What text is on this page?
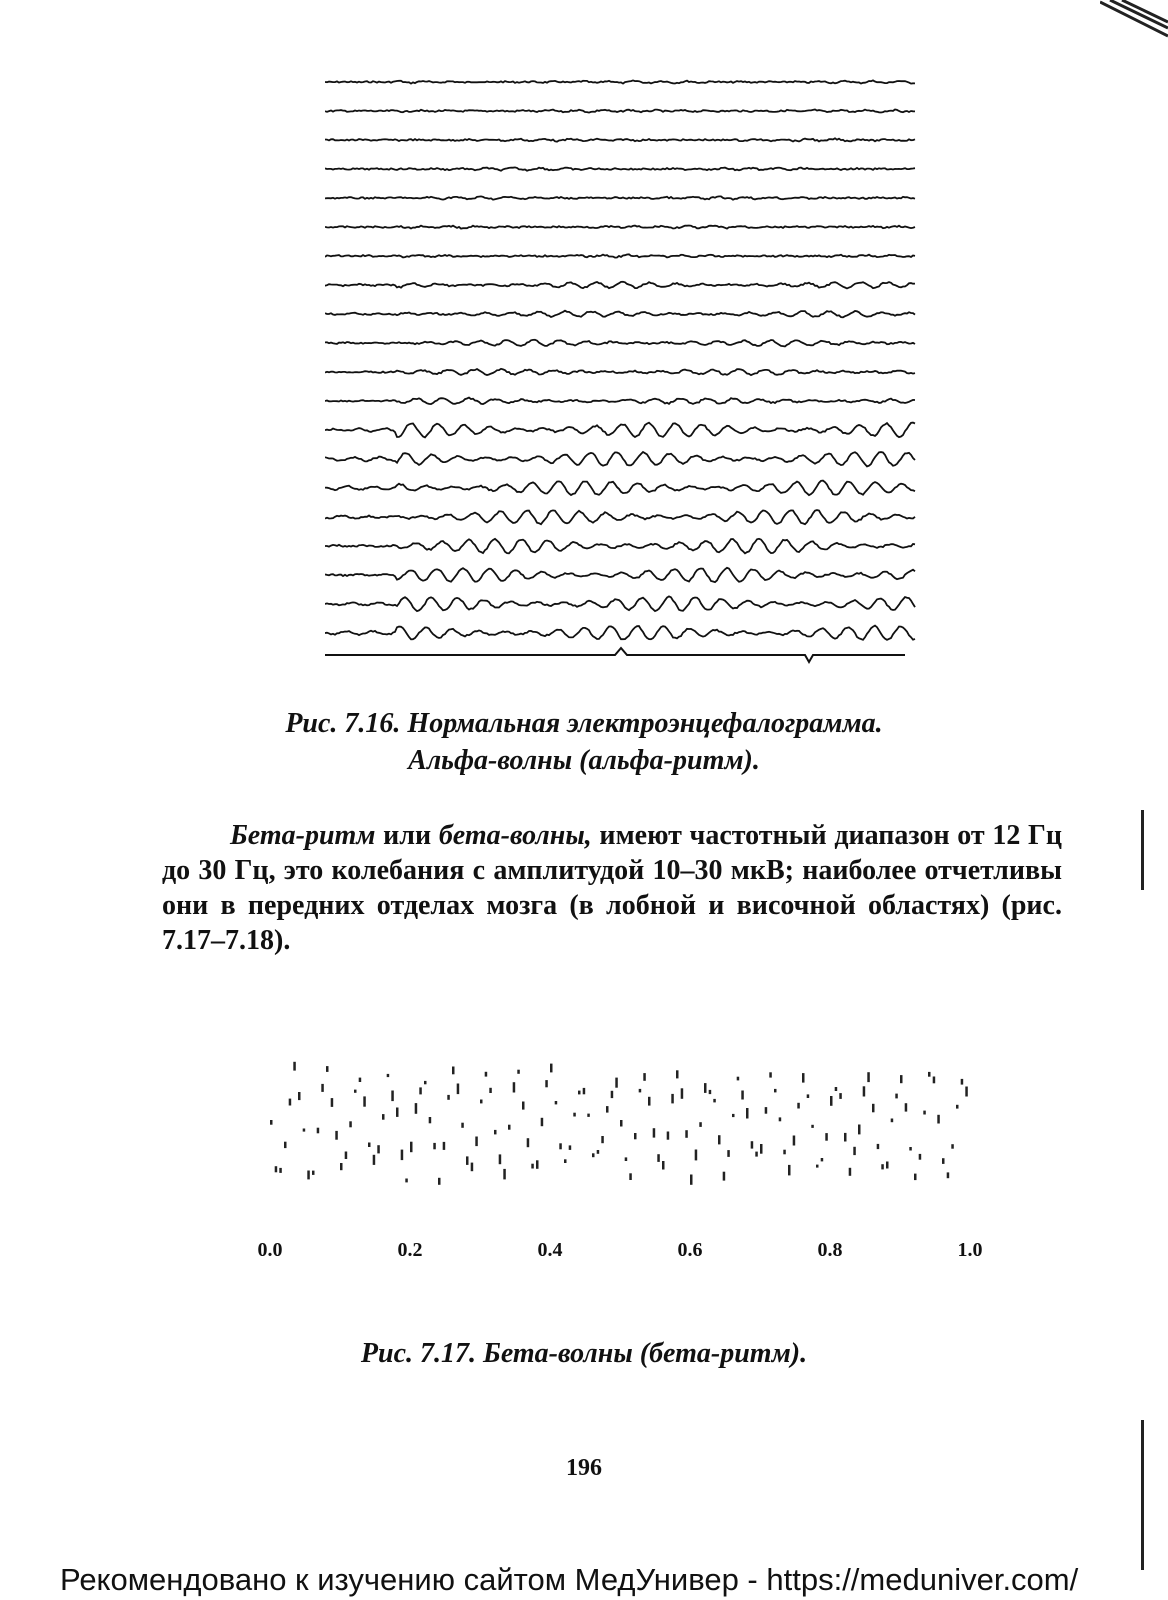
Рис. 7.16. Нормальная электроэнцефалограмма.
Альфа-волны (альфа-ритм).
Бета-ритм или бета-волны, имеют частотный диапазон от 12 Гц до 30 Гц, это колебания с амплитудой 10–30 мкВ; наиболее отчетливы они в передних отделах мозга (в лобной и височной областях) (рис. 7.17–7.18).
0.0	0.2	0.4	0.6	0.8	1.0
Рис. 7.17. Бета-волны (бета-ритм).
196
Рекомендовано к изучению сайтом МедУнивер - https://meduniver.com/
